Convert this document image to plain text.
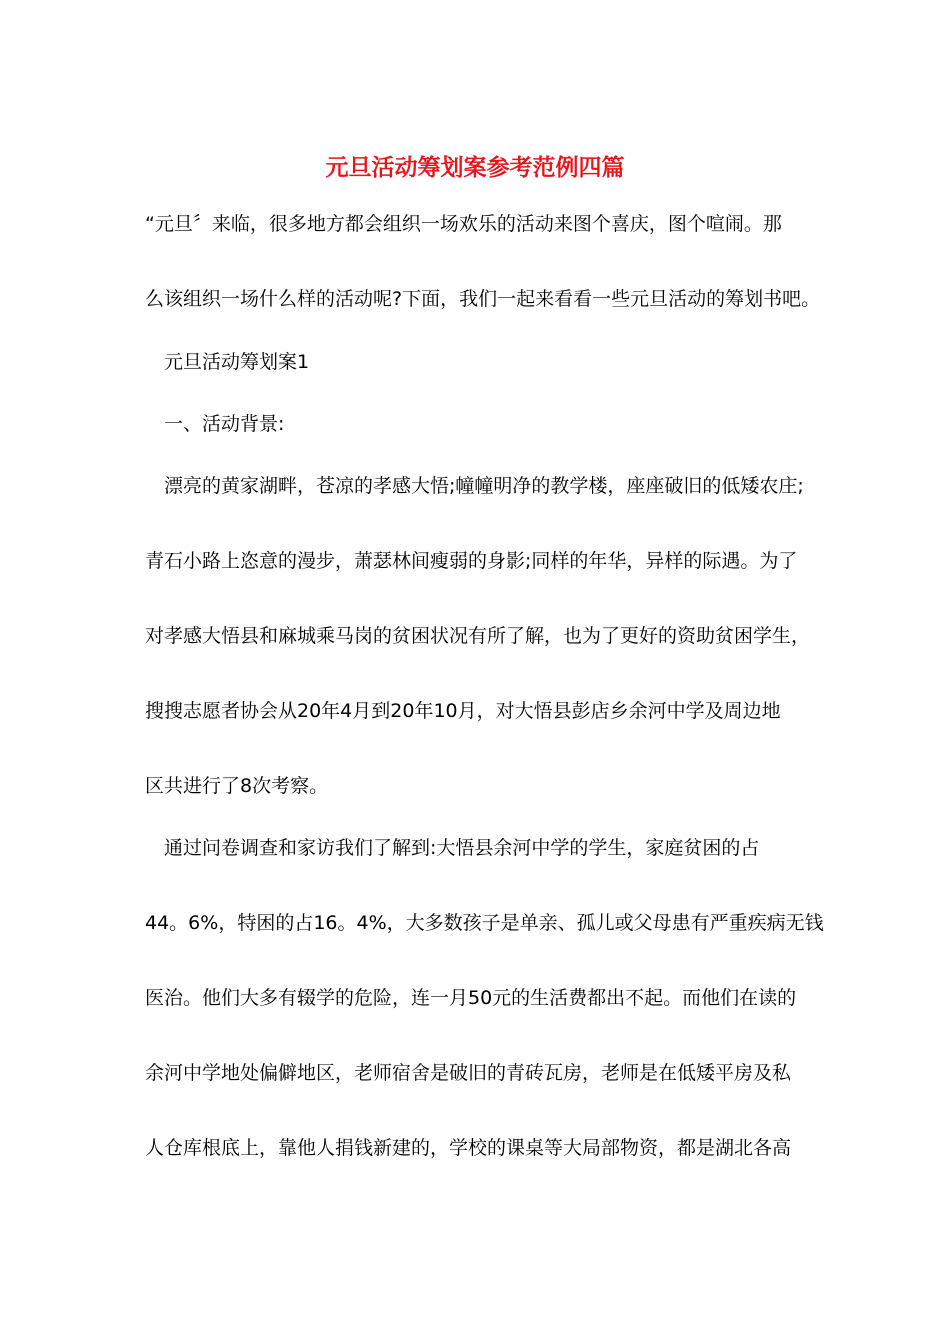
元旦活动筹划案参考范例四篇
“元旦〞来临，很多地方都会组织一场欢乐的活动来图个喜庆，图个喧闹。那
么该组织一场什么样的活动呢?下面，我们一起来看看一些元旦活动的筹划书吧。
元旦活动筹划案1
一、活动背景:
漂亮的黄家湖畔，苍凉的孝感大悟;幢幢明净的教学楼，座座破旧的低矮农庄;
青石小路上恣意的漫步，萧瑟林间瘦弱的身影;同样的年华，异样的际遇。为了
对孝感大悟县和麻城乘马岗的贫困状况有所了解，也为了更好的资助贫困学生，
搜搜志愿者协会从20年4月到20年10月，对大悟县彭店乡余河中学及周边地
区共进行了8次考察。
通过问卷调查和家访我们了解到:大悟县余河中学的学生，家庭贫困的占
44。6%，特困的占16。4%，大多数孩子是单亲、孤儿或父母患有严重疾病无钱
医治。他们大多有辍学的危险，连一月50元的生活费都出不起。而他们在读的
余河中学地处偏僻地区，老师宿舍是破旧的青砖瓦房，老师是在低矮平房及私
人仓库根底上，靠他人捐钱新建的，学校的课桌等大局部物资，都是湖北各高
